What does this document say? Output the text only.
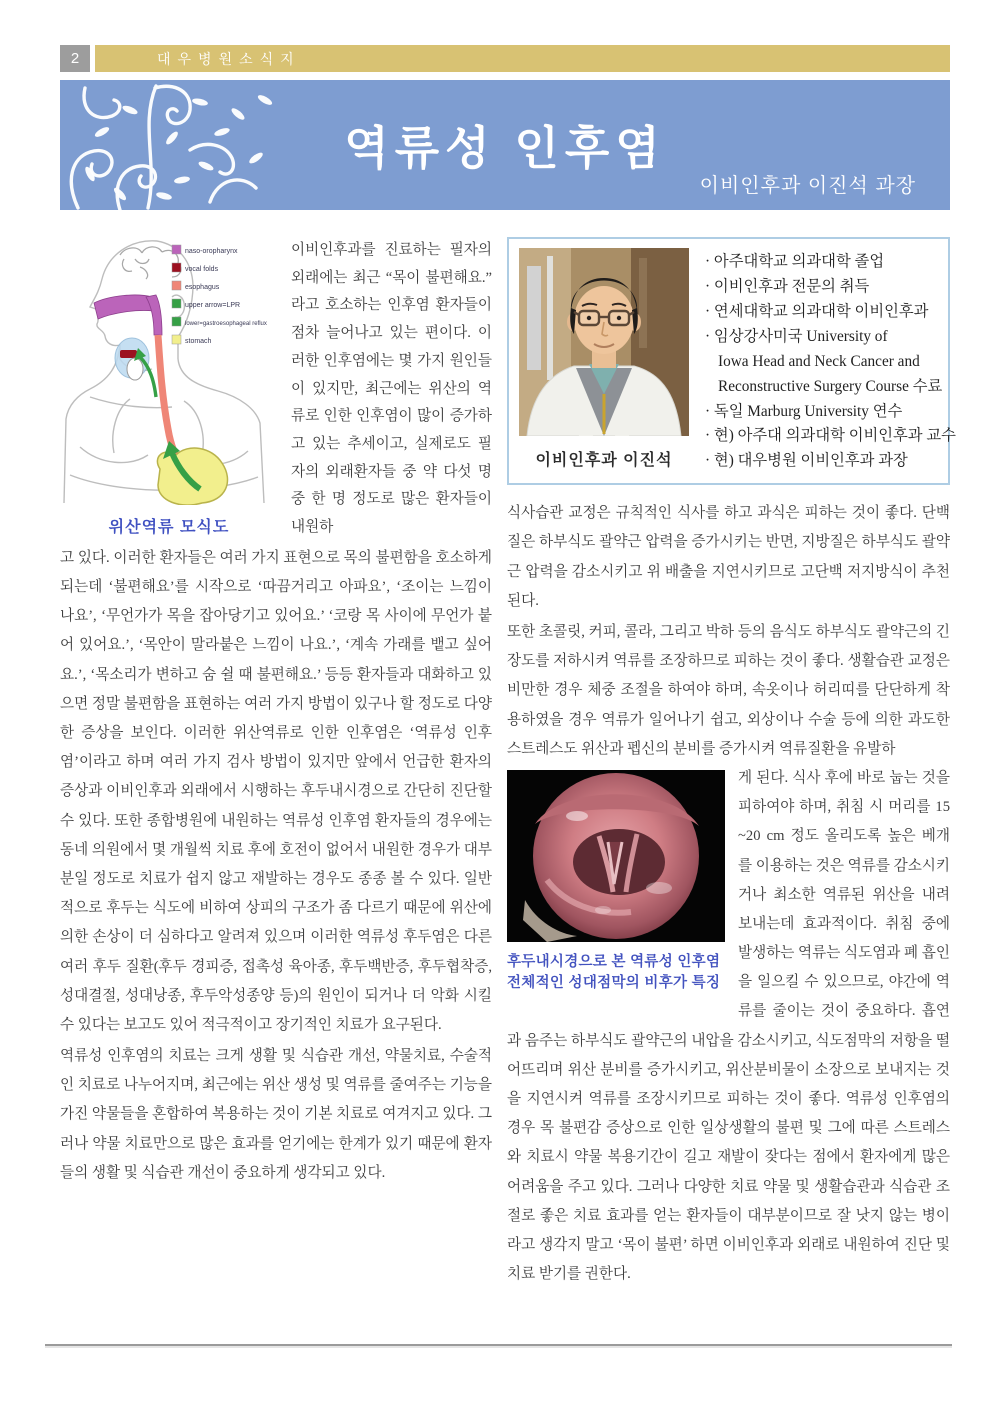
2	대우병원소식지
역류성 인후염
이비인후과 이진석 과장
naso-oropharynx
vocal folds
esophagus
upper arrow=LPR
lower=gastroesophageal reflux
stomach
위산역류 모식도

이비인후과를 진료하는 필자의 외래에는 최근 “목이 불편해요.” 라고 호소하는 인후염 환자들이 점차 늘어나고 있는 편이다. 이러한 인후염에는 몇 가지 원인들이 있지만, 최근에는 위산의 역류로 인한 인후염이 많이 증가하고 있는 추세이고, 실제로도 필자의 외래환자들 중 약 다섯 명 중 한 명 정도로 많은 환자들이 내원하

고 있다. 이러한 환자들은 여러 가지 표현으로 목의 불편함을 호소하게 되는데 ‘불편해요’를 시작으로 ‘따끔거리고 아파요’, ‘조이는 느낌이 나요’, ‘무언가가 목을 잡아당기고 있어요.’ ‘코랑 목 사이에 무언가 붙어 있어요.’, ‘목안이 말라붙은 느낌이 나요.’, ‘계속 가래를 뱉고 싶어요.’, ‘목소리가 변하고 숨 쉴 때 불편해요.’ 등등 환자들과 대화하고 있으면 정말 불편함을 표현하는 여러 가지 방법이 있구나 할 정도로 다양한 증상을 보인다. 이러한 위산역류로 인한 인후염은 ‘역류성 인후염’이라고 하며 여러 가지 검사 방법이 있지만 앞에서 언급한 환자의 증상과 이비인후과 외래에서 시행하는 후두내시경으로 간단히 진단할 수 있다. 또한 종합병원에 내원하는 역류성 인후염 환자들의 경우에는 동네 의원에서 몇 개월씩 치료 후에 호전이 없어서 내원한 경우가 대부분일 정도로 치료가 쉽지 않고 재발하는 경우도 종종 볼 수 있다. 일반적으로 후두는 식도에 비하여 상피의 구조가 좀 다르기 때문에 위산에 의한 손상이 더 심하다고 알려져 있으며 이러한 역류성 후두염은 다른 여러 후두 질환(후두 경피증, 접촉성 육아종, 후두백반증, 후두협착증, 성대결절, 성대낭종, 후두악성종양 등)의 원인이 되거나 더 악화 시킬 수 있다는 보고도 있어 적극적이고 장기적인 치료가 요구된다.

역류성 인후염의 치료는 크게 생활 및 식습관 개선, 약물치료, 수술적인 치료로 나누어지며, 최근에는 위산 생성 및 역류를 줄여주는 기능을 가진 약물들을 혼합하여 복용하는 것이 기본 치료로 여겨지고 있다. 그러나 약물 치료만으로 많은 효과를 얻기에는 한계가 있기 때문에 환자들의 생활 및 식습관 개선이 중요하게 생각되고 있다.

이비인후과 이진석
· 아주대학교 의과대학 졸업
· 이비인후과 전문의 취득
· 연세대학교 의과대학 이비인후과
· 임상강사미국 University of
Iowa Head and Neck Cancer and
Reconstructive Surgery Course 수료
· 독일 Marburg University 연수
· 현) 아주대 의과대학 이비인후과 교수
· 현) 대우병원 이비인후과 과장

식사습관 교정은 규칙적인 식사를 하고 과식은 피하는 것이 좋다. 단백질은 하부식도 괄약근 압력을 증가시키는 반면, 지방질은 하부식도 괄약근 압력을 감소시키고 위 배출을 지연시키므로 고단백 저지방식이 추천된다.

또한 초콜릿, 커피, 콜라, 그리고 박하 등의 음식도 하부식도 괄약근의 긴장도를 저하시켜 역류를 조장하므로 피하는 것이 좋다. 생활습관 교정은 비만한 경우 체중 조절을 하여야 하며, 속옷이나 허리띠를 단단하게 착용하였을 경우 역류가 일어나기 쉽고, 외상이나 수술 등에 의한 과도한 스트레스도 위산과 펩신의 분비를 증가시켜 역류질환을 유발하

후두내시경으로 본 역류성 인후염
전체적인 성대점막의 비후가 특징

게 된다. 식사 후에 바로 눕는 것을 피하여야 하며, 취침 시 머리를 15~20 cm 정도 올리도록 높은 베개를 이용하는 것은 역류를 감소시키거나 최소한 역류된 위산을 내려 보내는데 효과적이다. 취침 중에 발생하는 역류는 식도염과 폐 흡인을 일으킬 수 있으므로, 야간에 역류를 줄이는 것이 중요하다. 흡연과 음주는 하부식도 괄약근의 내압을 감소시키고, 식도점막의 저항을 떨어뜨리며 위산 분비를 증가시키고, 위산분비물이 소장으로 보내지는 것을 지연시켜 역류를 조장시키므로 피하는 것이 좋다. 역류성 인후염의 경우 목 불편감 증상으로 인한 일상생활의 불편 및 그에 따른 스트레스와 치료시 약물 복용기간이 길고 재발이 잦다는 점에서 환자에게 많은 어려움을 주고 있다. 그러나 다양한 치료 약물 및 생활습관과 식습관 조절로 좋은 치료 효과를 얻는 환자들이 대부분이므로 잘 낫지 않는 병이라고 생각지 말고 ‘목이 불편’ 하면 이비인후과 외래로 내원하여 진단 및 치료 받기를 권한다.
